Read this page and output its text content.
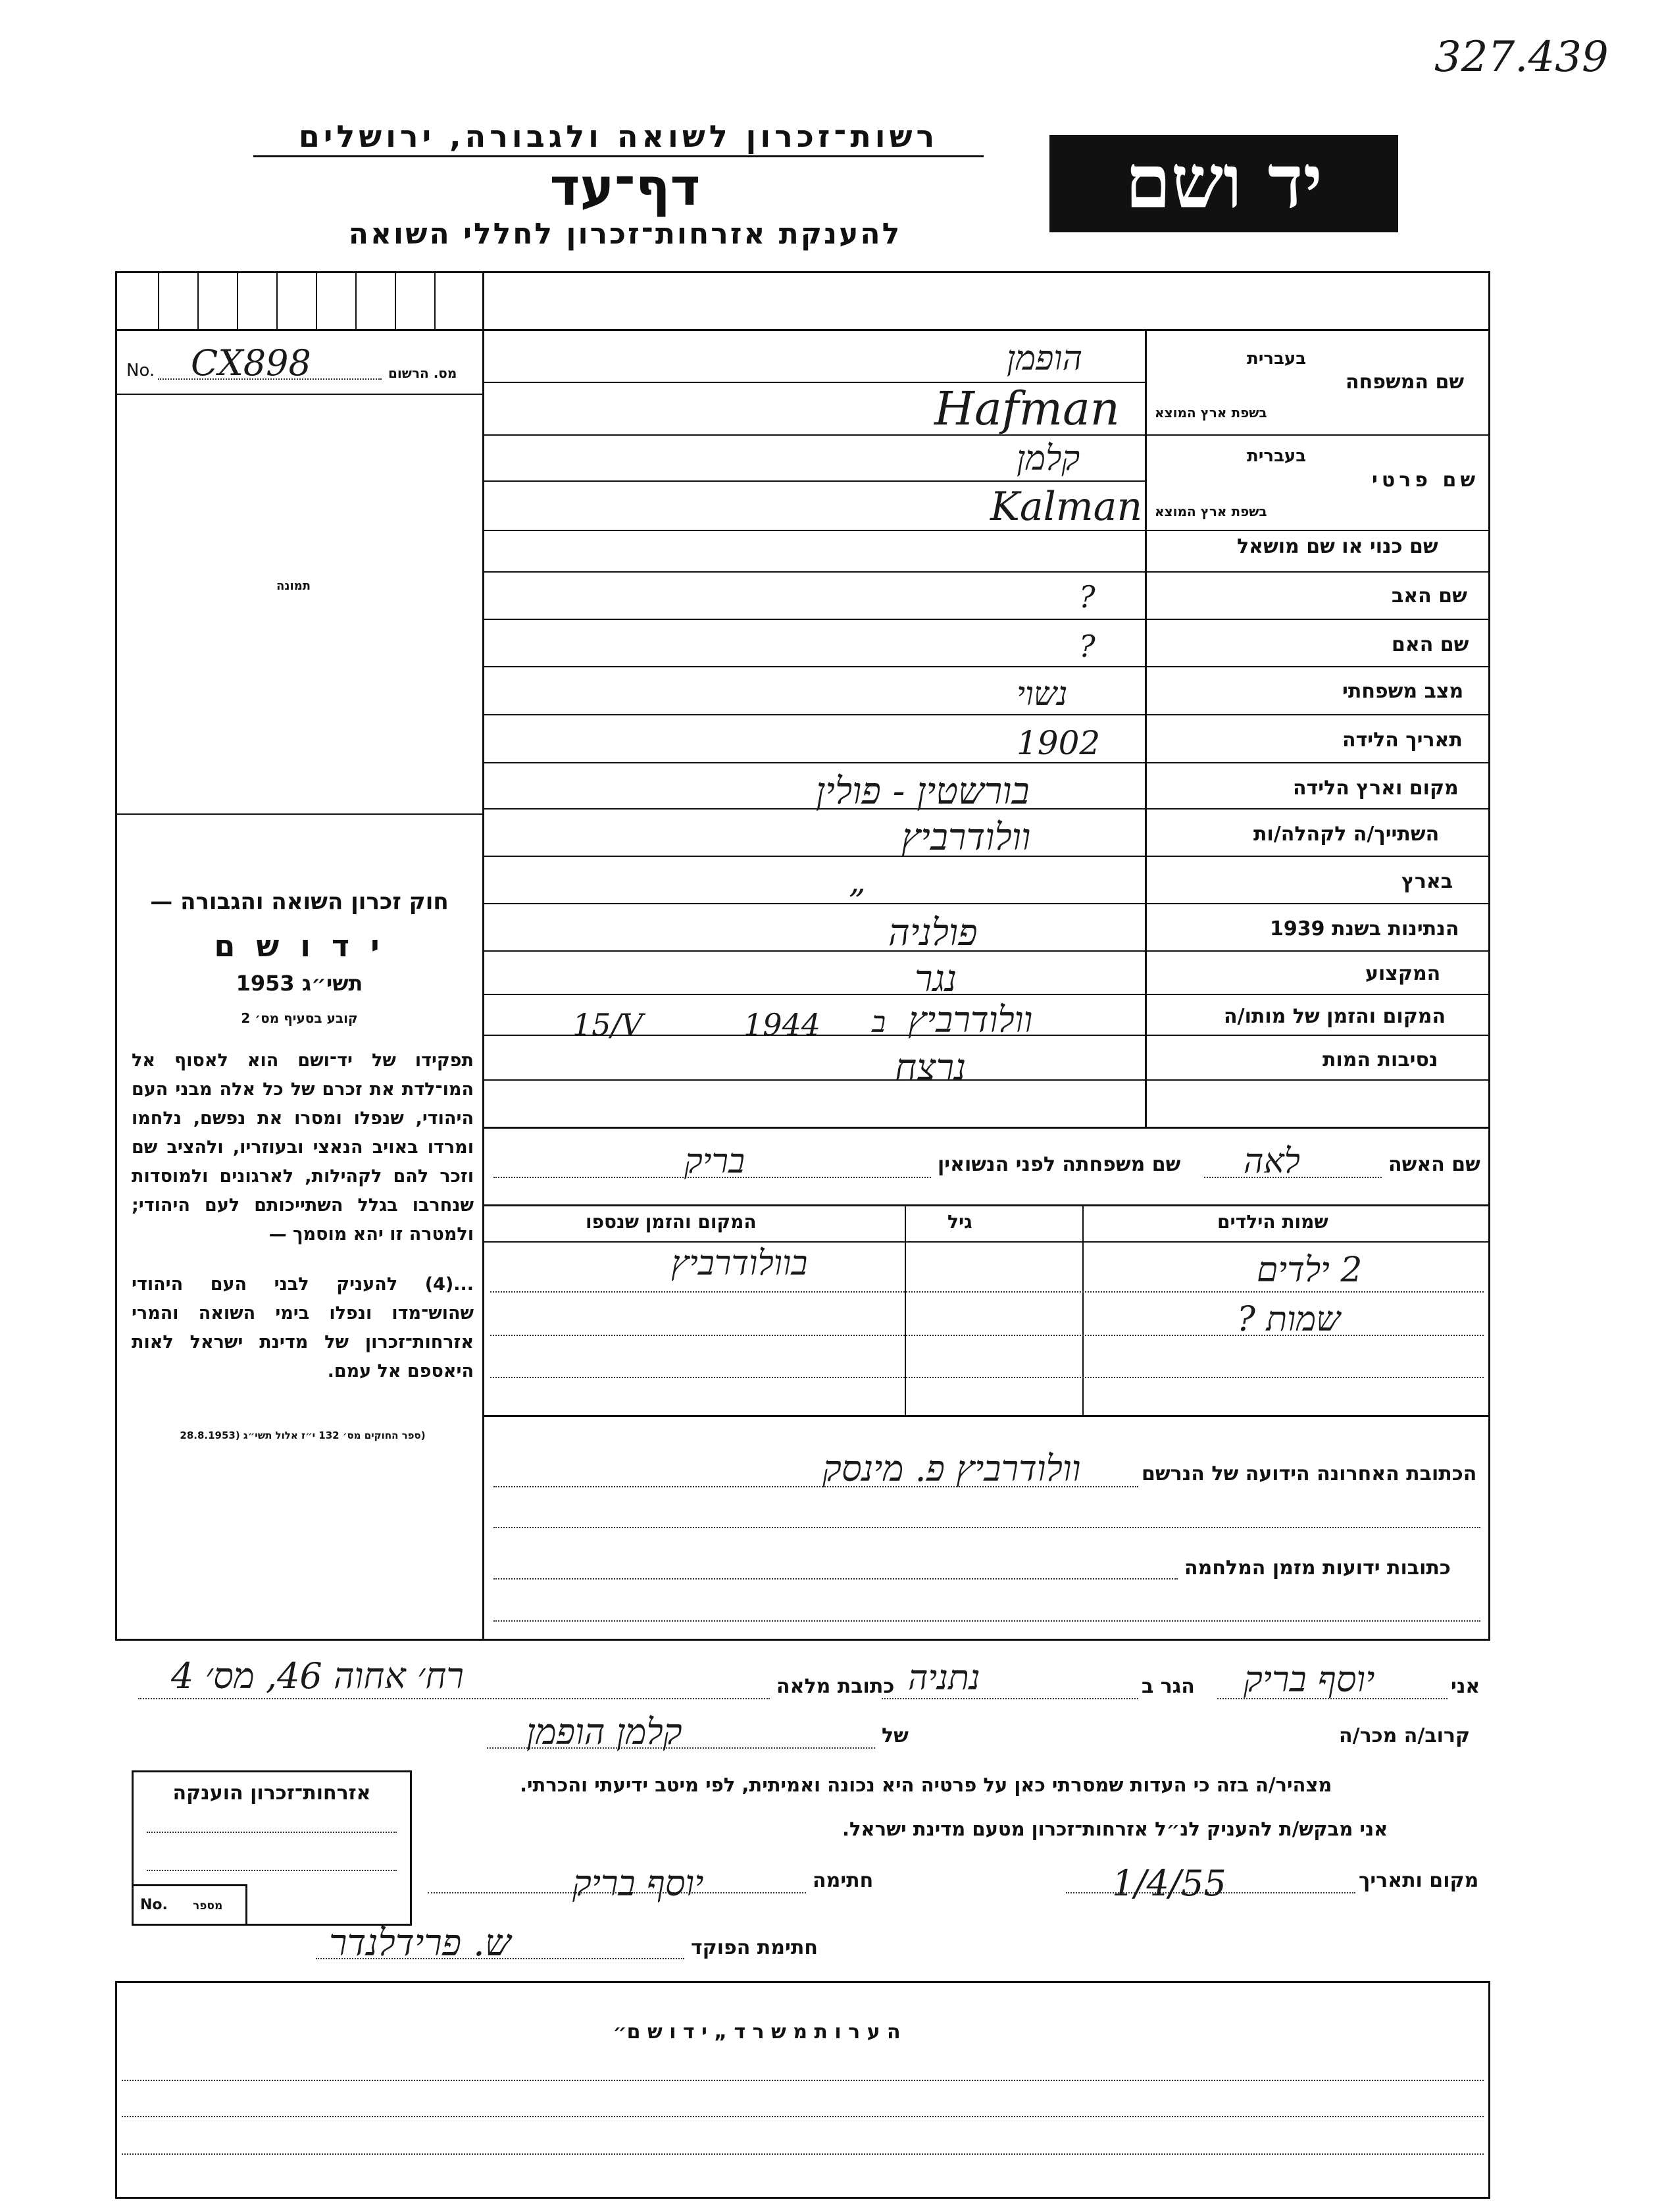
327.439
יד ושם
רשות־זכרון לשואה ולגבורה, ירושלים
דף־עד
להענקת אזרחות־זכרון לחללי השואה
No. CX898	מס. הרשום
תמונה
חוק זכרון השואה והגבורה —
י ד ו ש ם
תשי״ג 1953
קובע בסעיף מס׳ 2
תפקידו של יד־ושם הוא לאסוף אל המו־לדת את זכרם של כל אלה מבני העם היהודי, שנפלו ומסרו את נפשם, נלחמו ומרדו באויב הנאצי ובעוזריו, ולהציב שם וזכר להם לקהילות, לארגונים ולמוסדות שנחרבו בגלל השתייכותם לעם היהודי; ולמטרה זו יהא מוסמך —
...(4) להעניק לבני העם היהודי שהוש־מדו ונפלו בימי השואה והמרי אזרחות־זכרון של מדינת ישראל לאות היאספם אל עמם.
(ספר החוקים מס׳ 132 י״ז אלול תשי״ג (28.8.1953
שם המשפחה
בעברית
בשפת ארץ המוצא
שם פרטי
בעברית
בשפת ארץ המוצא
שם כנוי או שם מושאל
שם האב
שם האם
מצב משפחתי
תאריך הלידה
מקום וארץ הלידה
השתייך/ה לקהלה/ות
בארץ
הנתינות בשנת 1939
המקצוע
המקום והזמן של מותו/ה
נסיבות המות
הופמן
Hafman
קלמן
Kalman
?
?
נשוי
1902
בורשטין - פולין
וולודרביץ
„
פולניה
נגר
וולודרביץ
ב
1944
15/V
נרצח
שם האשה
לאה
שם משפחתה לפני הנשואין
בריק
שמות הילדים
גיל
המקום והזמן שנספו
2 ילדים
בוולודרביץ
שמות ?
הכתובת האחרונה הידועה של הנרשם
וולודרביץ פ. מינסק
כתובות ידועות מזמן המלחמה
אני
יוסף בריק
הגר ב
נתניה
כתובת מלאה
רח׳ אחוה 46, מס׳ 4
קרוב/ה מכר/ה
של
קלמן הופמן
מצהיר/ה בזה כי העדות שמסרתי כאן על פרטיה היא נכונה ואמיתית, לפי מיטב ידיעתי והכרתי.
אני מבקש/ת להעניק לנ״ל אזרחות־זכרון מטעם מדינת ישראל.
מקום ותאריך
1/4/55
חתימה
יוסף בריק
חתימת הפוקד
ש. פרידלנדר
אזרחות־זכרון הוענקה
No. מספר
ה ע ר ו ת מ ש ר ד „ י ד ו ש ם״
